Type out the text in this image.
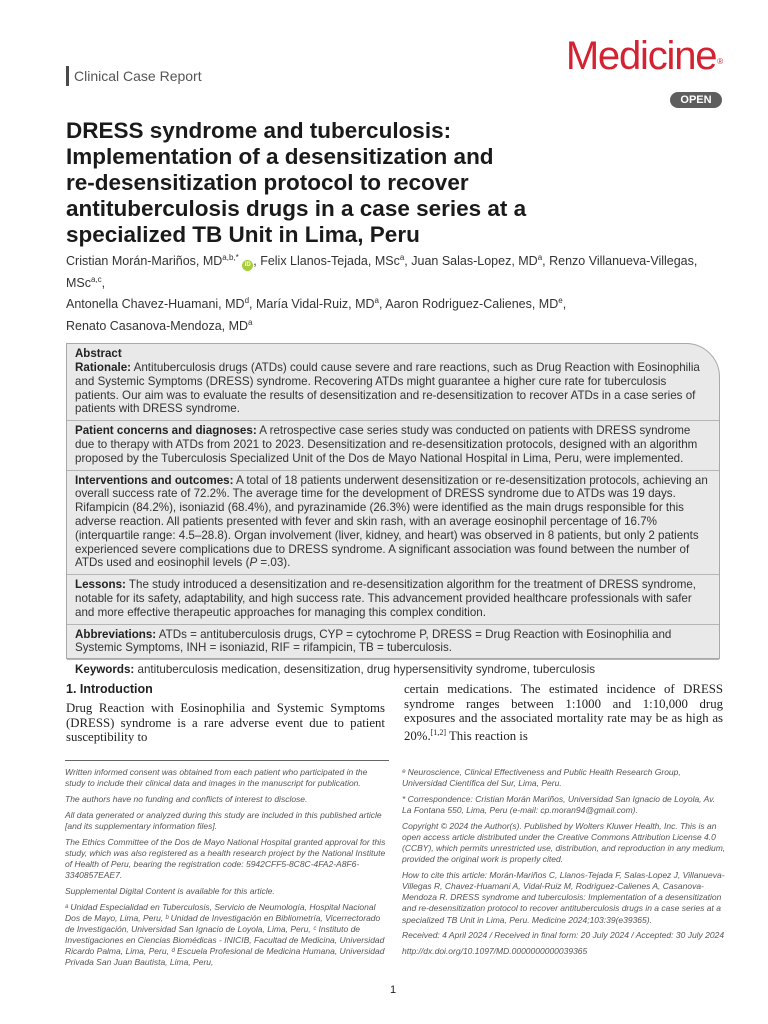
Clinical Case Report	Medicine®
OPEN
DRESS syndrome and tuberculosis:
Implementation of a desensitization and
re-desensitization protocol to recover
antituberculosis drugs in a case series at a
specialized TB Unit in Lima, Peru
Cristian Morán-Mariños, $MD^{a,b,*}$ iD , Felix Llanos-Tejada, MSc$^a$, Juan Salas-Lopez, $MD^a$, Renzo Villanueva-Villegas, MSc$^{a,c}$,
Antonella Chavez-Huamani, $MD^d$, María Vidal-Ruiz, $MD^a$, Aaron Rodriguez-Calienes, MDe,
Renato Casanova-Mendoza, $MD^a$
Abstract

Rationale: Antituberculosis drugs (ATDs) could cause severe and rare reactions, such as Drug Reaction with Eosinophilia and Systemic Symptoms (DRESS) syndrome. Recovering ATDs might guarantee a higher cure rate for tuberculosis patients. Our aim was to evaluate the results of desensitization and re-desensitization to recover ATDs in a case series of patients with DRESS syndrome.

Patient concerns and diagnoses: A retrospective case series study was conducted on patients with DRESS syndrome due to therapy with ATDs from 2021 to 2023. Desensitization and re-desensitization protocols, designed with an algorithm proposed by the Tuberculosis Specialized Unit of the Dos de Mayo National Hospital in Lima, Peru, were implemented.

Interventions and outcomes: A total of 18 patients underwent desensitization or re-desensitization protocols, achieving an overall success rate of 72.2%. The average time for the development of DRESS syndrome due to ATDs was 19 days. Rifampicin (84.2%), isoniazid (68.4%), and pyrazinamide (26.3%) were identified as the main drugs responsible for this adverse reaction. All patients presented with fever and skin rash, with an average eosinophil percentage of 16.7% (interquartile range: 4.5–28.8). Organ involvement (liver, kidney, and heart) was observed in 8 patients, but only 2 patients experienced severe complications due to DRESS syndrome. A significant association was found between the number of ATDs used and eosinophil levels (P =.03).

Lessons: The study introduced a desensitization and re-desensitization algorithm for the treatment of DRESS syndrome, notable for its safety, adaptability, and high success rate. This advancement provided healthcare professionals with safer and more effective therapeutic approaches for managing this complex condition.

Abbreviations: ATDs = antituberculosis drugs, CYP = cytochrome P, DRESS = Drug Reaction with Eosinophilia and Systemic Symptoms, INH = isoniazid, RIF = rifampicin, TB = tuberculosis.

Keywords: antituberculosis medication, desensitization, drug hypersensitivity syndrome, tuberculosis

1. Introduction

Drug Reaction with Eosinophilia and Systemic Symptoms (DRESS) syndrome is a rare adverse event due to patient susceptibility to

certain medications. The estimated incidence of DRESS syndrome ranges between 1:1000 and 1:10,000 drug exposures and the associated mortality rate may be as high as 20%.[1,2] This reaction is

Written informed consent was obtained from each patient who participated in the study to include their clinical data and images in the manuscript for publication.

The authors have no funding and conflicts of interest to disclose.

All data generated or analyzed during this study are included in this published article [and its supplementary information files].

The Ethics Committee of the Dos de Mayo National Hospital granted approval for this study, which was also registered as a health research project by the National Institute of Health of Peru, bearing the registration code: 5942CFF5-8C8C-4FA2-A8F6-3340857EAE7.

Supplemental Digital Content is available for this article.

ᵃ Unidad Especialidad en Tuberculosis, Servicio de Neumología, Hospital Nacional Dos de Mayo, Lima, Peru, ᵇ Unidad de Investigación en Bibliometría, Vicerrectorado de Investigación, Universidad San Ignacio de Loyola, Lima, Peru, ᶜ Instituto de Investigaciones en Ciencias Biomédicas - INICIB, Facultad de Medicina, Universidad Ricardo Palma, Lima, Peru, ᵈ Escuela Profesional de Medicina Humana, Universidad Privada San Juan Bautista, Lima, Peru,

ᵉ Neuroscience, Clinical Effectiveness and Public Health Research Group, Universidad Científica del Sur, Lima, Peru.

* Correspondence: Cristian Morán Mariños, Universidad San Ignacio de Loyola, Av. La Fontana 550, Lima, Peru (e-mail: cp.moran94@gmail.com).

Copyright © 2024 the Author(s). Published by Wolters Kluwer Health, Inc. This is an open access article distributed under the Creative Commons Attribution License 4.0 (CCBY), which permits unrestricted use, distribution, and reproduction in any medium, provided the original work is properly cited.

How to cite this article: Morán-Mariños C, Llanos-Tejada F, Salas-Lopez J, Villanueva-Villegas R, Chavez-Huamani A, Vidal-Ruiz M, Rodriguez-Calienes A, Casanova-Mendoza R. DRESS syndrome and tuberculosis: Implementation of a desensitization and re-desensitization protocol to recover antituberculosis drugs in a case series at a specialized TB Unit in Lima, Peru. Medicine 2024;103:39(e39365).

Received: 4 April 2024 / Received in final form: 20 July 2024 / Accepted: 30 July 2024

http://dx.doi.org/10.1097/MD.0000000000039365

1
